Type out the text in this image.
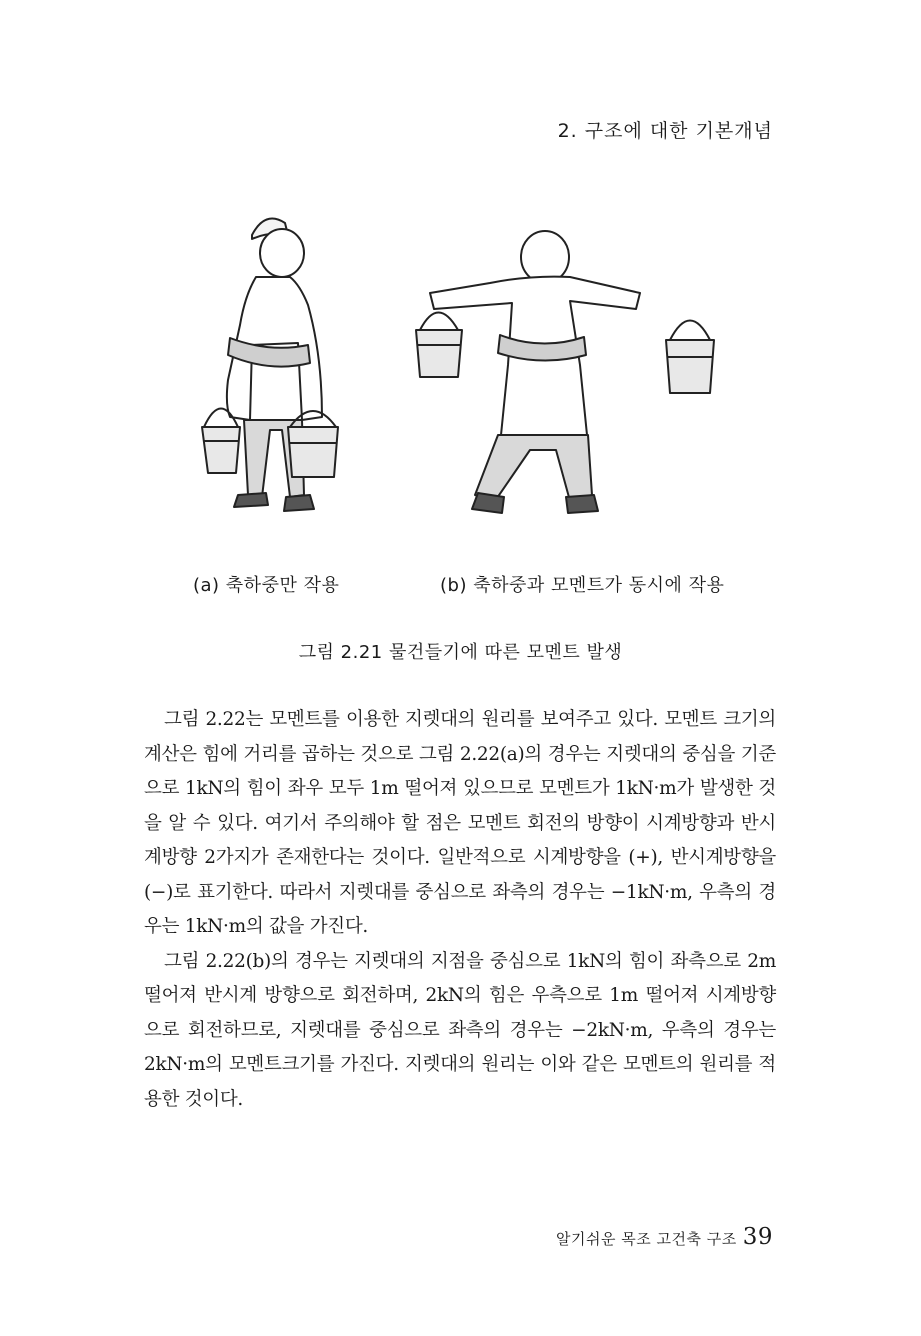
2. 구조에 대한 기본개념
(a) 축하중만 작용	(b) 축하중과 모멘트가 동시에 작용
그림 2.21 물건들기에 따른 모멘트 발생

그림 2.22는 모멘트를 이용한 지렛대의 원리를 보여주고 있다. 모멘트 크기의 계산은 힘에 거리를 곱하는 것으로 그림 2.22(a)의 경우는 지렛대의 중심을 기준으로 1kN의 힘이 좌우 모두 1m 떨어져 있으므로 모멘트가 1kN·m가 발생한 것을 알 수 있다. 여기서 주의해야 할 점은 모멘트 회전의 방향이 시계방향과 반시계방향 2가지가 존재한다는 것이다. 일반적으로 시계방향을 (+), 반시계방향을 (−)로 표기한다. 따라서 지렛대를 중심으로 좌측의 경우는 −1kN·m, 우측의 경우는 1kN·m의 값을 가진다.

그림 2.22(b)의 경우는 지렛대의 지점을 중심으로 1kN의 힘이 좌측으로 2m 떨어져 반시계 방향으로 회전하며, 2kN의 힘은 우측으로 1m 떨어져 시계방향으로 회전하므로, 지렛대를 중심으로 좌측의 경우는 −2kN·m, 우측의 경우는 2kN·m의 모멘트크기를 가진다. 지렛대의 원리는 이와 같은 모멘트의 원리를 적용한 것이다.

알기쉬운 목조 고건축 구조 39
